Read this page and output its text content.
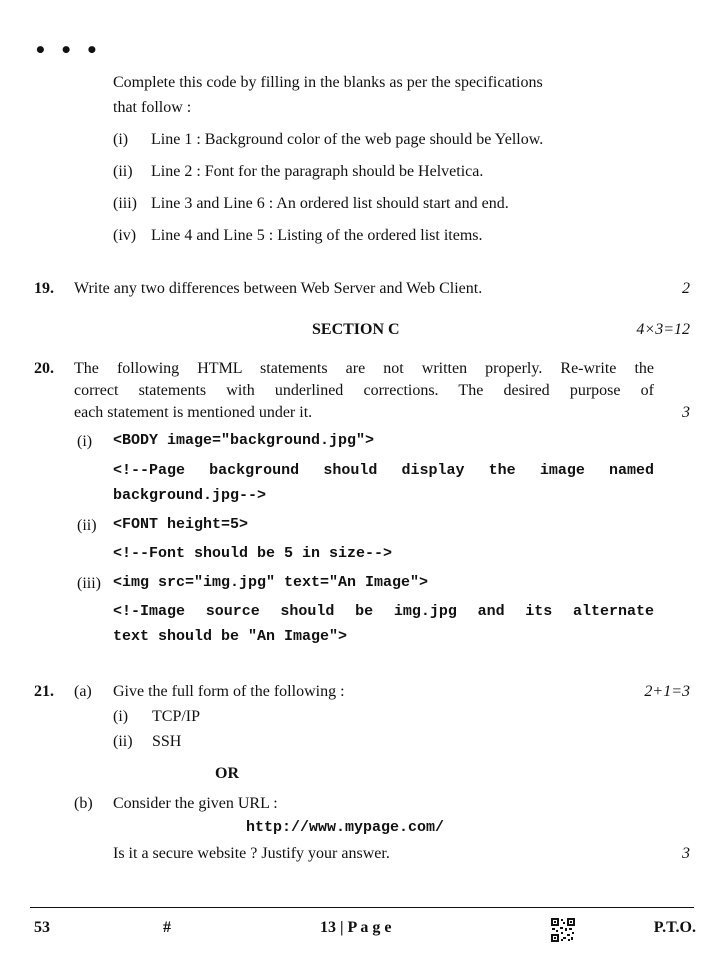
• • •
Complete this code by filling in the blanks as per the specifications
that follow :
(i) Line 1 : Background color of the web page should be Yellow.
(ii) Line 2 : Font for the paragraph should be Helvetica.
(iii) Line 3 and Line 6 : An ordered list should start and end.
(iv) Line 4 and Line 5 : Listing of the ordered list items.
19. Write any two differences between Web Server and Web Client.	2
SECTION C	4×3=12
20. The following HTML statements are not written properly. Re-write the
correct statements with underlined corrections. The desired purpose of
each statement is mentioned under it.	3
(i) <BODY image="background.jpg">
<!--Page background should display the image named
background.jpg-->
(ii) <FONT height=5>
<!--Font should be 5 in size-->
(iii) <img src="img.jpg" text="An Image">
<!-Image source should be img.jpg and its alternate
text should be "An Image">
21. (a) Give the full form of the following :	2+1=3
(i) TCP/IP
(ii) SSH
OR
(b) Consider the given URL :
http://www.mypage.com/
Is it a secure website ? Justify your answer.	3
53	#	13 | P a g e	P.T.O.
